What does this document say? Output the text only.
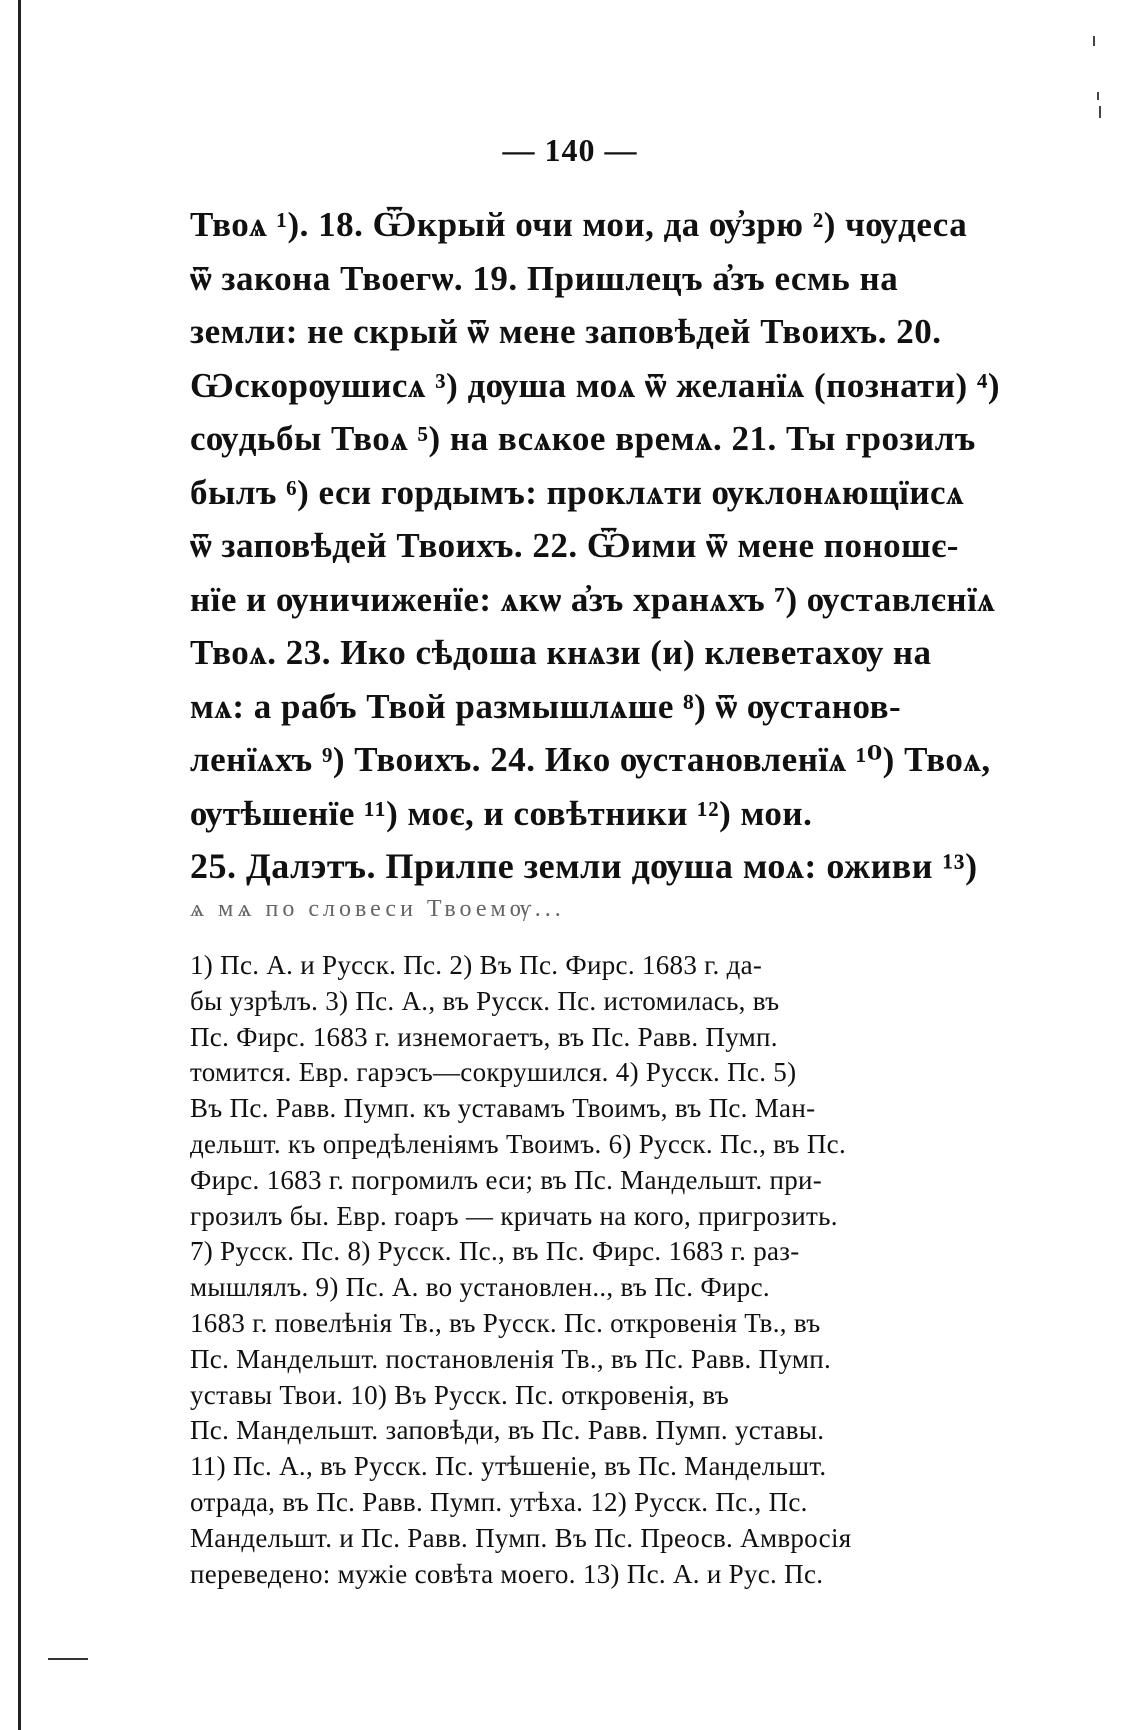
— 140 —
Твоѧ ¹). 18. Ѿкрый очи мои, да ѹ҆зрю ²) чѹдеса
ѿ закона Твоегѡ. 19. Пришлецъ а҆зъ есмь на
земли: не скрый ѿ мене заповѣдей Твоихъ. 20.
Ѡскорѹшисѧ ³) дѹша моѧ ѿ желанїѧ (познати) ⁴)
сѹдьбы Твоѧ ⁵) на всѧкое времѧ. 21. Ты грозилъ
былъ ⁶) еси гордымъ: проклѧти ѹклонѧющїисѧ
ѿ заповѣдей Твоихъ. 22. Ѿими ѿ мене поношє-
нїе и ѹничиженїе: ѧкѡ а҆зъ хранѧхъ ⁷) ѹставлєнїѧ
Твоѧ. 23. Ико сѣдоша кнѧзи (и) клеветахѹ на
мѧ: а рабъ Твой размышлѧше ⁸) ѿ ѹстанов-
ленїѧхъ ⁹) Твоихъ. 24. Ико ѹстановленїѧ ¹⁰) Твоѧ,
ѹтѣшенїе ¹¹) моє, и совѣтники ¹²) мои.
25. Далэтъ. Прилпе земли дѹша моѧ: оживи ¹³)
ѧ мѧ по словеси Твоемѹ...
1) Пс. А. и Русск. Пс. 2) Въ Пс. Фирс. 1683 г. да-
бы узрѣлъ. 3) Пс. А., въ Русск. Пс. истомилась, въ
Пс. Фирс. 1683 г. изнемогаетъ, въ Пс. Равв. Пумп.
томится. Евр. гарэсъ—сокрушился. 4) Русск. Пс. 5)
Въ Пс. Равв. Пумп. къ уставамъ Твоимъ, въ Пс. Ман-
дельшт. къ опредѣленіямъ Твоимъ. 6) Русск. Пс., въ Пс.
Фирс. 1683 г. погромилъ еси; въ Пс. Мандельшт. при-
грозилъ бы. Евр. гоаръ — кричать на кого, пригрозить.
7) Русск. Пс. 8) Русск. Пс., въ Пс. Фирс. 1683 г. раз-
мышлялъ. 9) Пс. А. во установлен.., въ Пс. Фирс.
1683 г. повелѣнія Тв., въ Русск. Пс. откровенія Тв., въ
Пс. Мандельшт. постановленія Тв., въ Пс. Равв. Пумп.
уставы Твои. 10) Въ Русск. Пс. откровенія, въ
Пс. Мандельшт. заповѣди, въ Пс. Равв. Пумп. уставы.
11) Пс. А., въ Русск. Пс. утѣшеніе, въ Пс. Мандельшт.
отрада, въ Пс. Равв. Пумп. утѣха. 12) Русск. Пс., Пс.
Мандельшт. и Пс. Равв. Пумп. Въ Пс. Преосв. Амвросія
переведено: мужіе совѣта моего. 13) Пс. А. и Рус. Пс.
